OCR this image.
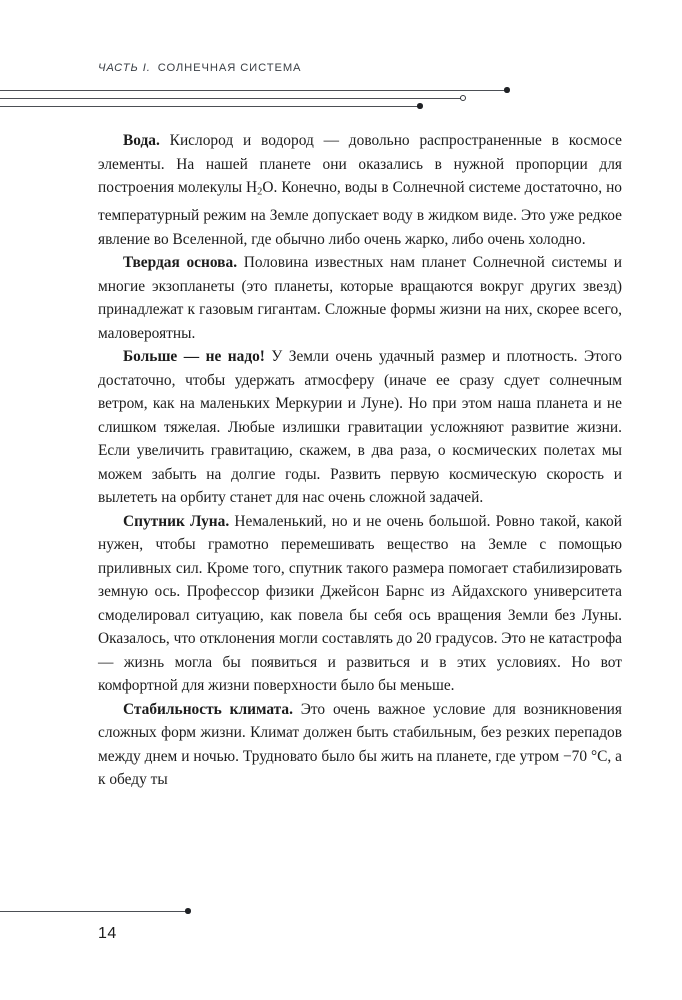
ЧАСТЬ I. СОЛНЕЧНАЯ СИСТЕМА

Вода. Кислород и водород — довольно распространенные в космосе элементы. На нашей планете они оказались в нужной пропорции для построения молекулы $H_2O$. Конечно, воды в Солнечной системе достаточно, но температурный режим на Земле допускает воду в жидком виде. Это уже редкое явление во Вселенной, где обычно либо очень жарко, либо очень холодно.

Твердая основа. Половина известных нам планет Солнечной системы и многие экзопланеты (это планеты, которые вращаются вокруг других звезд) принадлежат к газовым гигантам. Сложные формы жизни на них, скорее всего, маловероятны.

Больше — не надо! У Земли очень удачный размер и плотность. Этого достаточно, чтобы удержать атмосферу (иначе ее сразу сдует солнечным ветром, как на маленьких Меркурии и Луне). Но при этом наша планета и не слишком тяжелая. Любые излишки гравитации усложняют развитие жизни. Если увеличить гравитацию, скажем, в два раза, о космических полетах мы можем забыть на долгие годы. Развить первую космическую скорость и вылететь на орбиту станет для нас очень сложной задачей.

Спутник Луна. Немаленький, но и не очень большой. Ровно такой, какой нужен, чтобы грамотно перемешивать вещество на Земле с помощью приливных сил. Кроме того, спутник такого размера помогает стабилизировать земную ось. Профессор физики Джейсон Барнс из Айдахского университета смоделировал ситуацию, как повела бы себя ось вращения Земли без Луны. Оказалось, что отклонения могли составлять до 20 градусов. Это не катастрофа — жизнь могла бы появиться и развиться и в этих условиях. Но вот комфортной для жизни поверхности было бы меньше.

Стабильность климата. Это очень важное условие для возникновения сложных форм жизни. Климат должен быть стабильным, без резких перепадов между днем и ночью. Трудновато было бы жить на планете, где утром −70 °C, а к обеду ты

14
